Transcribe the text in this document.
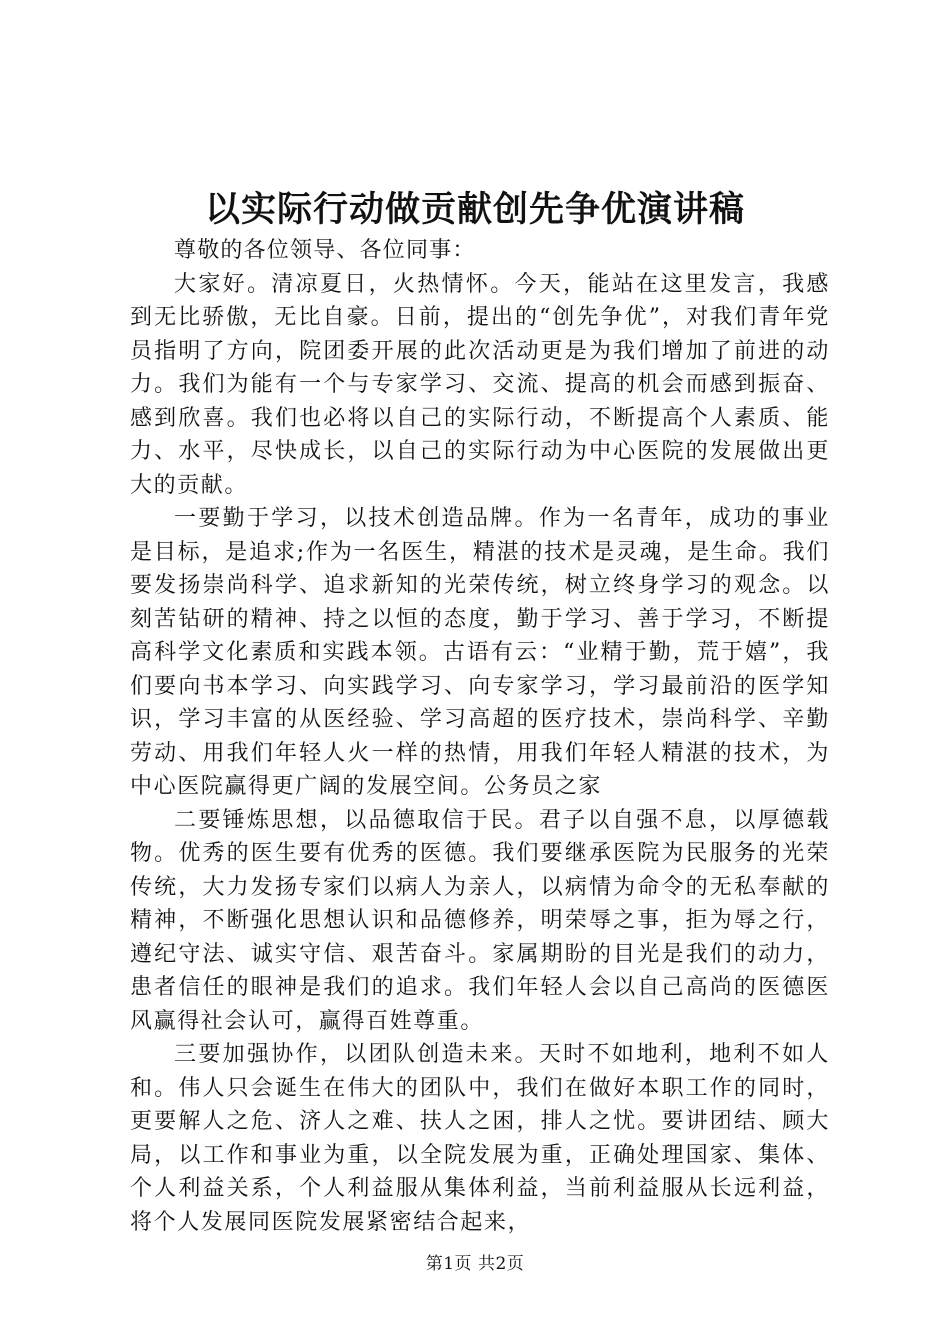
以实际行动做贡献创先争优演讲稿

尊敬的各位领导、各位同事：

大家好。清凉夏日，火热情怀。今天，能站在这里发言，我感到无比骄傲，无比自豪。日前，提出的“创先争优”，对我们青年党员指明了方向，院团委开展的此次活动更是为我们增加了前进的动力。我们为能有一个与专家学习、交流、提高的机会而感到振奋、感到欣喜。我们也必将以自己的实际行动，不断提高个人素质、能力、水平，尽快成长，以自己的实际行动为中心医院的发展做出更大的贡献。

一要勤于学习，以技术创造品牌。作为一名青年，成功的事业是目标，是追求;作为一名医生，精湛的技术是灵魂，是生命。我们要发扬崇尚科学、追求新知的光荣传统，树立终身学习的观念。以刻苦钻研的精神、持之以恒的态度，勤于学习、善于学习，不断提高科学文化素质和实践本领。古语有云：“业精于勤，荒于嬉”，我们要向书本学习、向实践学习、向专家学习，学习最前沿的医学知识，学习丰富的从医经验、学习高超的医疗技术，崇尚科学、辛勤劳动、用我们年轻人火一样的热情，用我们年轻人精湛的技术，为中心医院赢得更广阔的发展空间。公务员之家

二要锤炼思想，以品德取信于民。君子以自强不息，以厚德载物。优秀的医生要有优秀的医德。我们要继承医院为民服务的光荣传统，大力发扬专家们以病人为亲人，以病情为命令的无私奉献的精神，不断强化思想认识和品德修养，明荣辱之事，拒为辱之行，遵纪守法、诚实守信、艰苦奋斗。家属期盼的目光是我们的动力，患者信任的眼神是我们的追求。我们年轻人会以自己高尚的医德医风赢得社会认可，赢得百姓尊重。

三要加强协作，以团队创造未来。天时不如地利，地利不如人和。伟人只会诞生在伟大的团队中，我们在做好本职工作的同时，更要解人之危、济人之难、扶人之困，排人之忧。要讲团结、顾大局，以工作和事业为重，以全院发展为重，正确处理国家、集体、个人利益关系，个人利益服从集体利益，当前利益服从长远利益，将个人发展同医院发展紧密结合起来，

第1页 共2页
